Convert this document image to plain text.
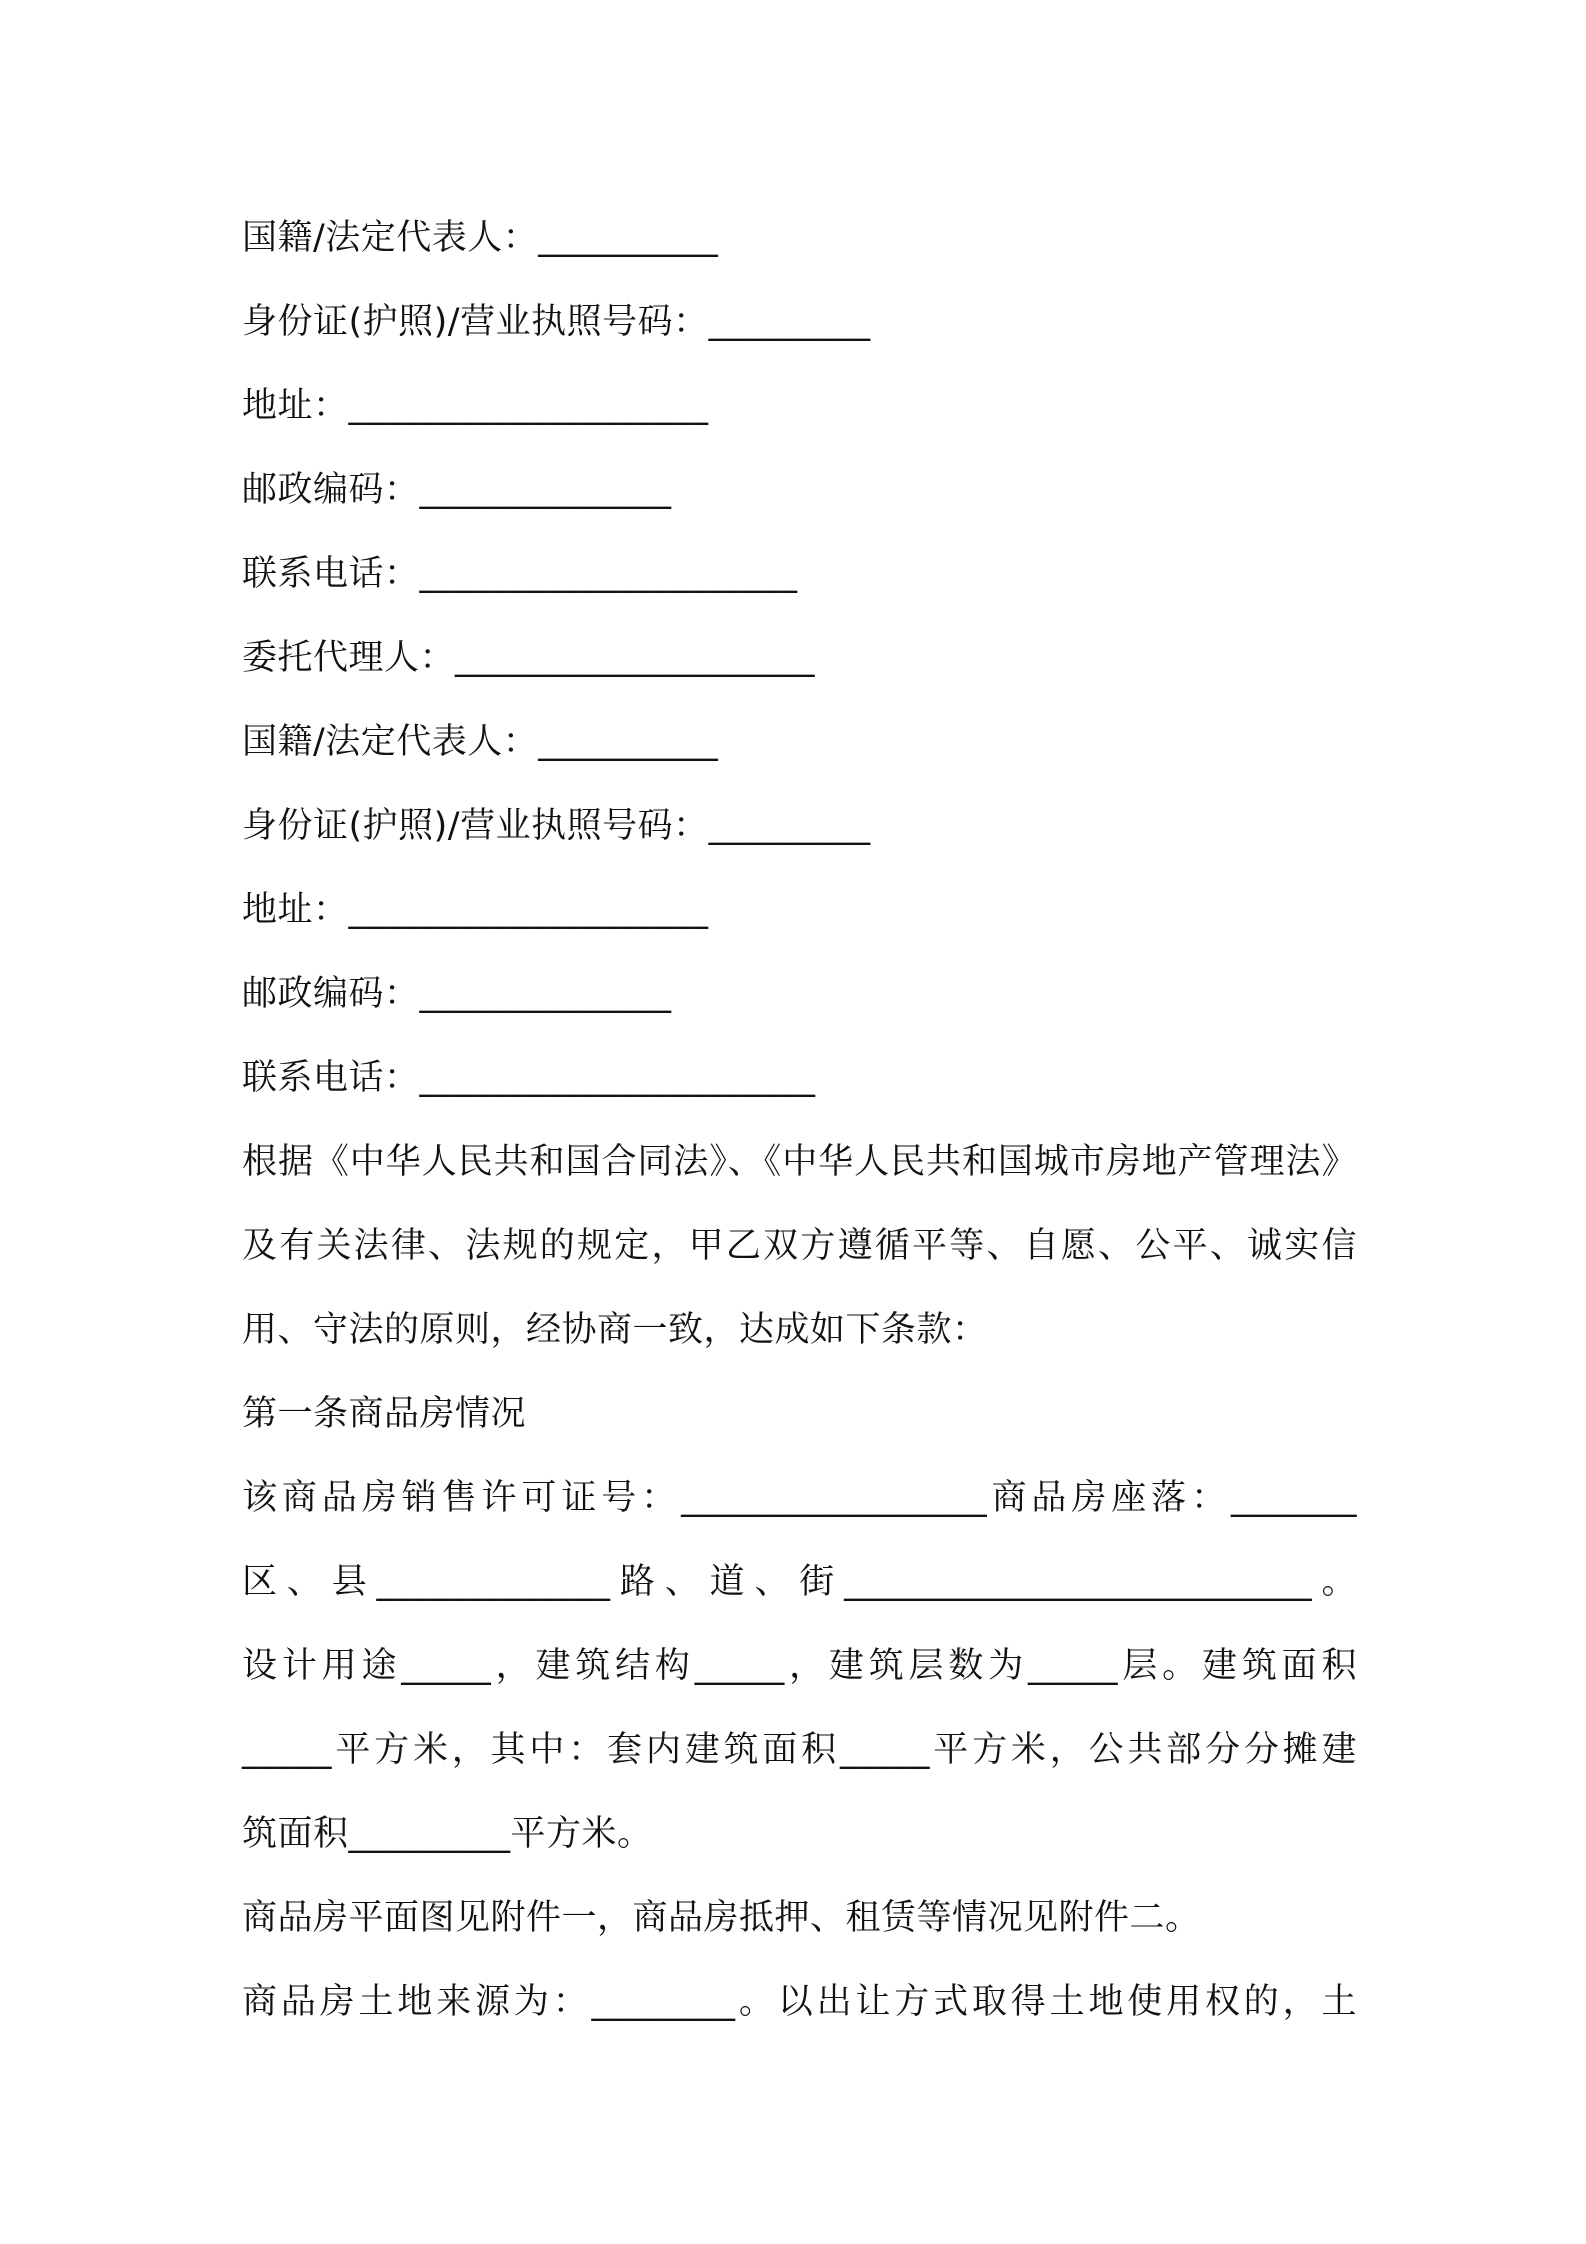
国籍/法定代表人：__________
身份证(护照)/营业执照号码：_________
地址：____________________
邮政编码：______________
联系电话：_____________________
委托代理人：____________________
国籍/法定代表人：__________
身份证(护照)/营业执照号码：_________
地址：____________________
邮政编码：______________
联系电话：______________________
根据《中华人民共和国合同法》、《中华人民共和国城市房地产管理法》
及有关法律、法规的规定，甲乙双方遵循平等、自愿、公平、诚实信
用、守法的原则，经协商一致，达成如下条款：
第一条商品房情况
该商品房销售许可证号：_________________商品房座落：_______
区、县_____________路、道、街__________________________。
设计用途_____，建筑结构_____，建筑层数为_____层。建筑面积
_____平方米，其中：套内建筑面积_____平方米，公共部分分摊建
筑面积_________平方米。
商品房平面图见附件一，商品房抵押、租赁等情况见附件二。
商品房土地来源为：________。以出让方式取得土地使用权的，土
